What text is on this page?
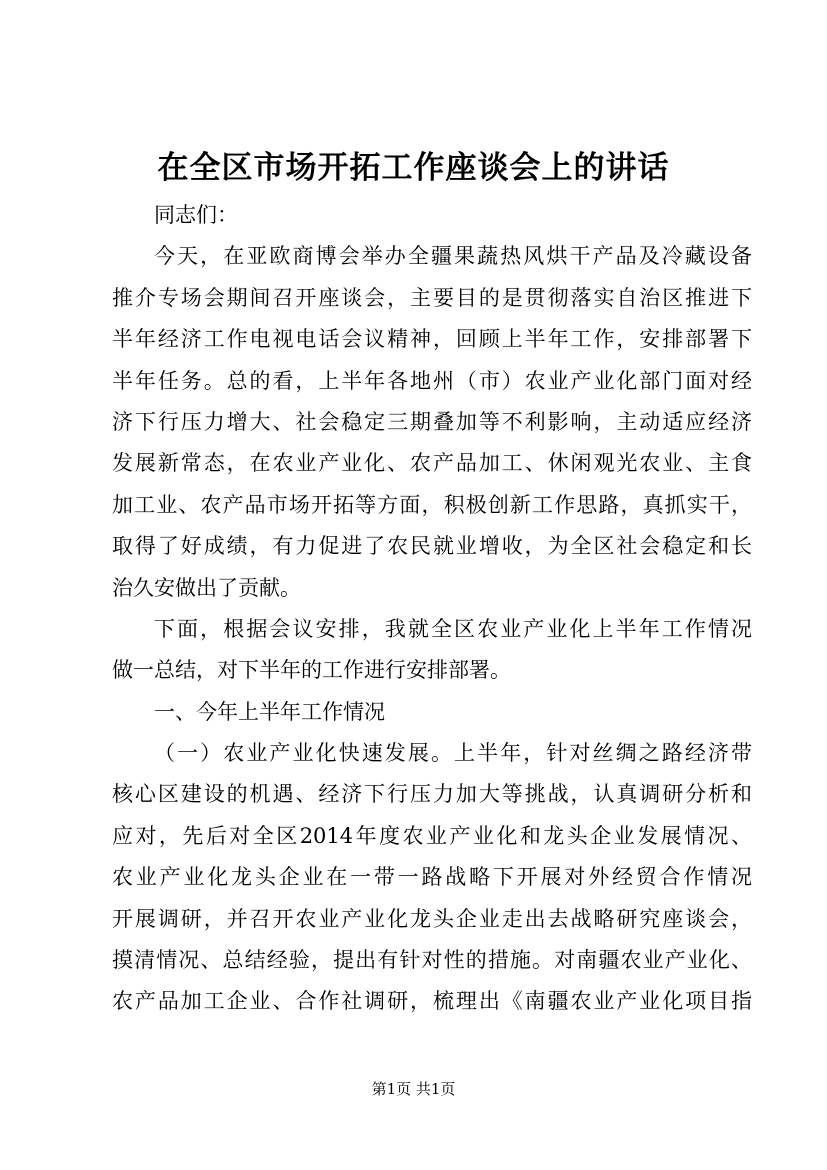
在全区市场开拓工作座谈会上的讲话
同志们：
今天，在亚欧商博会举办全疆果蔬热风烘干产品及冷藏设备
推介专场会期间召开座谈会，主要目的是贯彻落实自治区推进下
半年经济工作电视电话会议精神，回顾上半年工作，安排部署下
半年任务。总的看，上半年各地州（市）农业产业化部门面对经
济下行压力增大、社会稳定三期叠加等不利影响，主动适应经济
发展新常态，在农业产业化、农产品加工、休闲观光农业、主食
加工业、农产品市场开拓等方面，积极创新工作思路，真抓实干，
取得了好成绩，有力促进了农民就业增收，为全区社会稳定和长
治久安做出了贡献。
下面，根据会议安排，我就全区农业产业化上半年工作情况
做一总结，对下半年的工作进行安排部署。
一、今年上半年工作情况
（一）农业产业化快速发展。上半年，针对丝绸之路经济带
核心区建设的机遇、经济下行压力加大等挑战，认真调研分析和
应对，先后对全区2014年度农业产业化和龙头企业发展情况、
农业产业化龙头企业在一带一路战略下开展对外经贸合作情况
开展调研，并召开农业产业化龙头企业走出去战略研究座谈会，
摸清情况、总结经验，提出有针对性的措施。对南疆农业产业化、
农产品加工企业、合作社调研，梳理出《南疆农业产业化项目指
第1页 共1页
